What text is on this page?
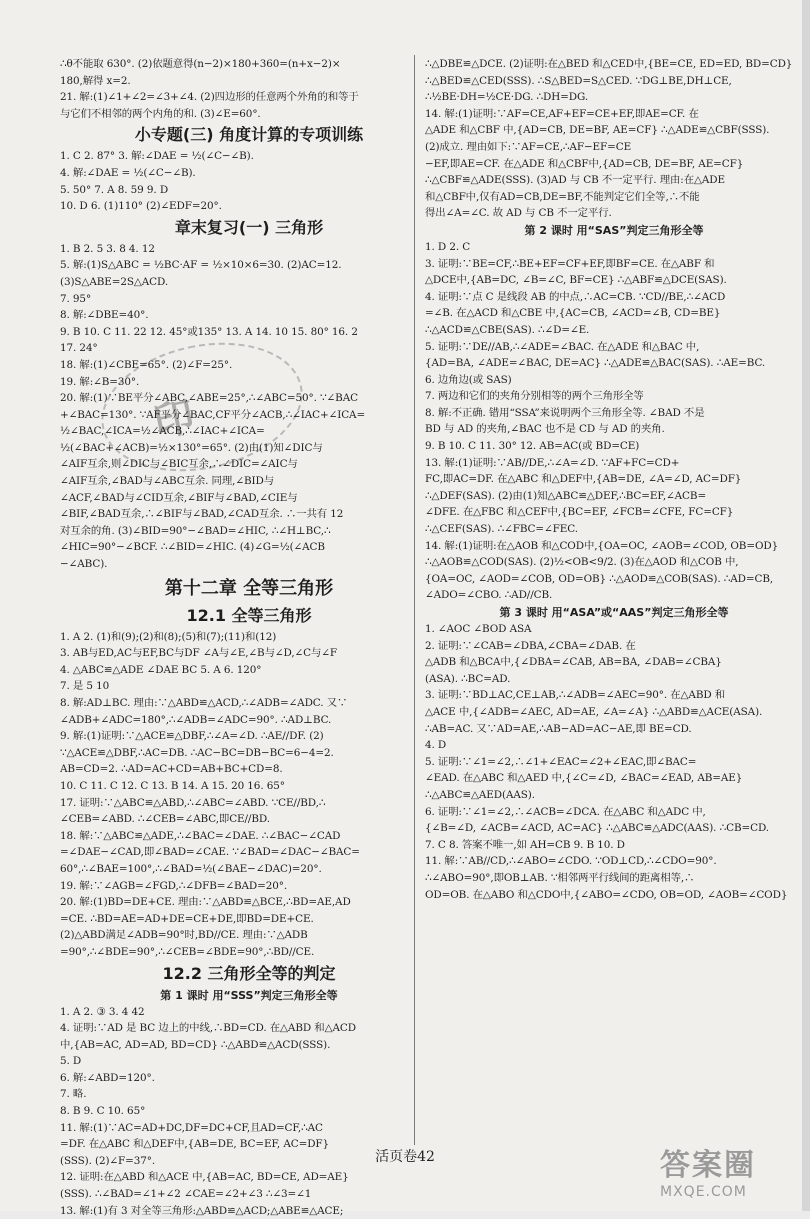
印
∴θ不能取 630°. (2)依题意得(n−2)×180+360=(n+x−2)×
180,解得 x=2.
21. 解:(1)∠1+∠2=∠3+∠4. (2)四边形的任意两个外角的和等于
与它们不相邻的两个内角的和. (3)∠E=60°.
小专题(三) 角度计算的专项训练
1. C 2. 87° 3. 解:∠DAE = ½(∠C−∠B).
4. 解:∠DAE = ½(∠C−∠B).
5. 50° 7. A 8. 59 9. D
10. D 6. (1)110° (2)∠EDF=20°.
章末复习(一) 三角形
1. B 2. 5 3. 8 4. 12
5. 解:(1)S△ABC = ½BC·AF = ½×10×6=30. (2)AC=12.
(3)S△ABE=2S△ACD.
7. 95°
8. 解:∠DBE=40°.
9. B 10. C 11. 22 12. 45°或135° 13. A 14. 10 15. 80° 16. 2
17. 24°
18. 解:(1)∠CBE=65°. (2)∠F=25°.
19. 解:∠B=30°.
20. 解:(1)∵BE平分∠ABC,∠ABE=25°,∴∠ABC=50°. ∵∠BAC
+∠BAC=130°. ∵AF平分∠BAC,CF平分∠ACB,∴∠IAC+∠ICA=
½∠BAC,∠ICA=½∠ACB,∴∠IAC+∠ICA=
½(∠BAC+∠ACB)=½×130°=65°. (2)由(1)知∠DIC与
∠AIF互余,则∠DIC与∠BIC互余,∴∠DIC=∠AIC与
∠AIF互余,∠BAD与∠ABC互余. 同理,∠BID与
∠ACF,∠BAD与∠CID互余,∠BIF与∠BAD,∠CIE与
∠BIF,∠BAD互余,∴∠BIF与∠BAD,∠CAD互余. ∴一共有 12
对互余的角. (3)∠BID=90°−∠BAD=∠HIC, ∴∠H⊥BC,∴
∠HIC=90°−∠BCF. ∴∠BID=∠HIC. (4)∠G=½(∠ACB
−∠ABC).
第十二章 全等三角形
12.1 全等三角形
1. A 2. (1)和(9);(2)和(8);(5)和(7);(11)和(12)
3. AB与ED,AC与EF,BC与DF ∠A与∠E,∠B与∠D,∠C与∠F
4. △ABC≌△ADE ∠DAE BC 5. A 6. 120°
7. 是 5 10
8. 解:AD⊥BC. 理由:∵△ABD≌△ACD,∴∠ADB=∠ADC. 又∵
∠ADB+∠ADC=180°,∴∠ADB=∠ADC=90°. ∴AD⊥BC.
9. 解:(1)证明:∵△ACE≌△DBF,∴∠A=∠D. ∴AE//DF. (2)
∵△ACE≌△DBF,∴AC=DB. ∴AC−BC=DB−BC=6−4=2.
AB=CD=2. ∴AD=AC+CD=AB+BC+CD=8.
10. C 11. C 12. C 13. B 14. A 15. 20 16. 65°
17. 证明:∵△ABC≌△ABD,∴∠ABC=∠ABD. ∵CE//BD,∴
∠CEB=∠ABD. ∴∠CEB=∠ABC,即CE//BD.
18. 解:∵△ABC≌△ADE,∴∠BAC=∠DAE. ∴∠BAC−∠CAD
=∠DAE−∠CAD,即∠BAD=∠CAE. ∵∠BAD=∠DAC−∠BAC=
60°,∴∠BAE=100°,∴∠BAD=½(∠BAE−∠DAC)=20°.
19. 解:∵∠AGB=∠FGD,∴∠DFB=∠BAD=20°.
20. 解:(1)BD=DE+CE. 理由:∵△ABD≌△BCE,∴BD=AE,AD
=CE. ∴BD=AE=AD+DE=CE+DE,即BD=DE+CE.
(2)△ABD满足∠ADB=90°时,BD//CE. 理由:∵△ADB
=90°,∴∠BDE=90°,∴∠CEB=∠BDE=90°,∴BD//CE.
12.2 三角形全等的判定
第 1 课时 用“SSS”判定三角形全等
1. A 2. ③ 3. 4 42
4. 证明:∵AD 是 BC 边上的中线,∴BD=CD. 在△ABD 和△ACD
中,{AB=AC, AD=AD, BD=CD} ∴△ABD≌△ACD(SSS).
5. D
6. 解:∠ABD=120°.
7. 略.
8. B 9. C 10. 65°
11. 解:(1)∵AC=AD+DC,DF=DC+CF,且AD=CF,∴AC
=DF. 在△ABC 和△DEF中,{AB=DE, BC=EF, AC=DF}
(SSS). (2)∠F=37°.
12. 证明:在△ABD 和△ACE 中,{AB=AC, BD=CE, AD=AE}
(SSS). ∴∠BAD=∠1+∠2 ∠CAE=∠2+∠3 ∴∠3=∠1
13. 解:(1)有 3 对全等三角形:△ABD≌△ACD;△ABE≌△ACE;
∴△DBE≌△DCE. (2)证明:在△BED 和△CED中,{BE=CE, ED=ED, BD=CD}
∴△BED≌△CED(SSS). ∴S△BED=S△CED. ∵DG⊥BE,DH⊥CE,
∴½BE·DH=½CE·DG. ∴DH=DG.
14. 解:(1)证明:∵AF=CE,AF+EF=CE+EF,即AE=CF. 在
△ADE 和△CBF 中,{AD=CB, DE=BF, AE=CF} ∴△ADE≌△CBF(SSS).
(2)成立. 理由如下:∵AF=CE,∴AF−EF=CE
−EF,即AE=CF. 在△ADE 和△CBF中,{AD=CB, DE=BF, AE=CF}
∴△CBF≌△ADE(SSS). (3)AD 与 CB 不一定平行. 理由:在△ADE
和△CBF中,仅有AD=CB,DE=BF,不能判定它们全等,∴不能
得出∠A=∠C. 故 AD 与 CB 不一定平行.
第 2 课时 用“SAS”判定三角形全等
1. D 2. C
3. 证明:∵BE=CF,∴BE+EF=CF+EF,即BF=CE. 在△ABF 和
△DCE中,{AB=DC, ∠B=∠C, BF=CE} ∴△ABF≌△DCE(SAS).
4. 证明:∵点 C 是线段 AB 的中点,∴AC=CB. ∵CD//BE,∴∠ACD
=∠B. 在△ACD 和△CBE 中,{AC=CB, ∠ACD=∠B, CD=BE}
∴△ACD≌△CBE(SAS). ∴∠D=∠E.
5. 证明:∵DE//AB,∴∠ADE=∠BAC. 在△ADE 和△BAC 中,
{AD=BA, ∠ADE=∠BAC, DE=AC} ∴△ADE≌△BAC(SAS). ∴AE=BC.
6. 边角边(或 SAS)
7. 两边和它们的夹角分别相等的两个三角形全等
8. 解:不正确. 错用“SSA”来说明两个三角形全等. ∠BAD 不是
BD 与 AD 的夹角,∠BAC 也不是 CD 与 AD 的夹角.
9. B 10. C 11. 30° 12. AB=AC(或 BD=CE)
13. 解:(1)证明:∵AB//DE,∴∠A=∠D. ∵AF+FC=CD+
FC,即AC=DF. 在△ABC 和△DEF中,{AB=DE, ∠A=∠D, AC=DF}
∴△DEF(SAS). (2)由(1)知△ABC≌△DEF,∴BC=EF,∠ACB=
∠DFE. 在△FBC 和△CEF中,{BC=EF, ∠FCB=∠CFE, FC=CF}
∴△CEF(SAS). ∴∠FBC=∠FEC.
14. 解:(1)证明:在△AOB 和△COD中,{OA=OC, ∠AOB=∠COD, OB=OD}
∴△AOB≌△COD(SAS). (2)½<OB<9/2. (3)在△AOD 和△COB 中,
{OA=OC, ∠AOD=∠COB, OD=OB} ∴△AOD≌△COB(SAS). ∴AD=CB,
∠ADO=∠CBO. ∴AD//CB.
第 3 课时 用“ASA”或“AAS”判定三角形全等
1. ∠AOC ∠BOD ASA
2. 证明:∵∠CAB=∠DBA,∠CBA=∠DAB. 在
△ADB 和△BCA中,{∠DBA=∠CAB, AB=BA, ∠DAB=∠CBA}
(ASA). ∴BC=AD.
3. 证明:∵BD⊥AC,CE⊥AB,∴∠ADB=∠AEC=90°. 在△ABD 和
△ACE 中,{∠ADB=∠AEC, AD=AE, ∠A=∠A} ∴△ABD≌△ACE(ASA).
∴AB=AC. 又∵AD=AE,∴AB−AD=AC−AE,即 BE=CD.
4. D
5. 证明:∵∠1=∠2,∴∠1+∠EAC=∠2+∠EAC,即∠BAC=
∠EAD. 在△ABC 和△AED 中,{∠C=∠D, ∠BAC=∠EAD, AB=AE}
∴△ABC≌△AED(AAS).
6. 证明:∵∠1=∠2,∴∠ACB=∠DCA. 在△ABC 和△ADC 中,
{∠B=∠D, ∠ACB=∠ACD, AC=AC} ∴△ABC≌△ADC(AAS). ∴CB=CD.
7. C 8. 答案不唯一,如 AH=CB 9. B 10. D
11. 解:∵AB//CD,∴∠ABO=∠CDO. ∵OD⊥CD,∴∠CDO=90°.
∴∠ABO=90°,即OB⊥AB. ∵相邻两平行线间的距离相等,∴
OD=OB. 在△ABO 和△CDO中,{∠ABO=∠CDO, OB=OD, ∠AOB=∠COD}
活页卷42	答案圈
MXQE.COM
